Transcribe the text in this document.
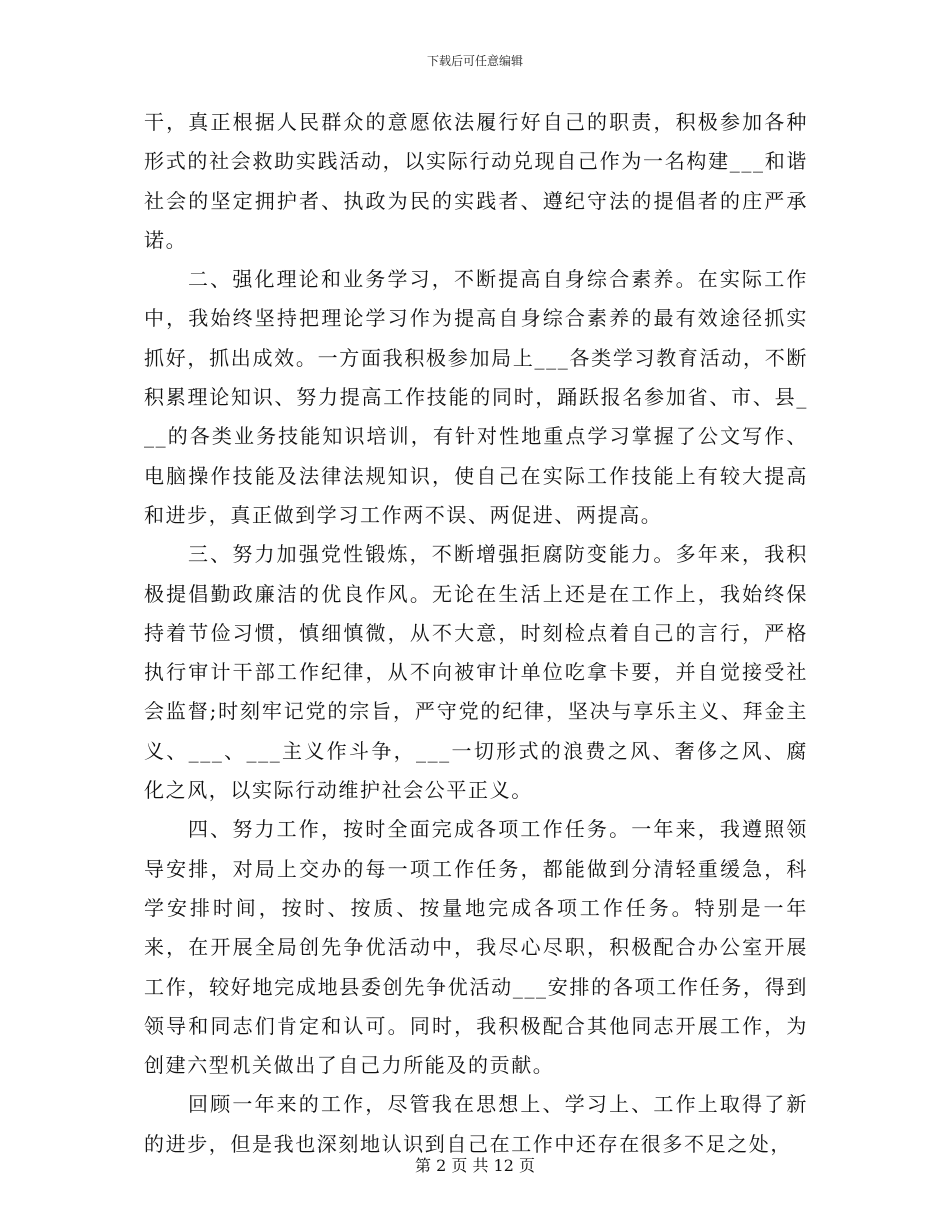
下载后可任意编辑

干，真正根据人民群众的意愿依法履行好自己的职责，积极参加各种形式的社会救助实践活动，以实际行动兑现自己作为一名构建___和谐社会的坚定拥护者、执政为民的实践者、遵纪守法的提倡者的庄严承诺。

二、强化理论和业务学习，不断提高自身综合素养。在实际工作中，我始终坚持把理论学习作为提高自身综合素养的最有效途径抓实抓好，抓出成效。一方面我积极参加局上___各类学习教育活动，不断积累理论知识、努力提高工作技能的同时，踊跃报名参加省、市、县___的各类业务技能知识培训，有针对性地重点学习掌握了公文写作、电脑操作技能及法律法规知识，使自己在实际工作技能上有较大提高和进步，真正做到学习工作两不误、两促进、两提高。

三、努力加强党性锻炼，不断增强拒腐防变能力。多年来，我积极提倡勤政廉洁的优良作风。无论在生活上还是在工作上，我始终保持着节俭习惯，慎细慎微，从不大意，时刻检点着自己的言行，严格执行审计干部工作纪律，从不向被审计单位吃拿卡要，并自觉接受社会监督;时刻牢记党的宗旨，严守党的纪律，坚决与享乐主义、拜金主义、___、___主义作斗争，___一切形式的浪费之风、奢侈之风、腐化之风，以实际行动维护社会公平正义。

四、努力工作，按时全面完成各项工作任务。一年来，我遵照领导安排，对局上交办的每一项工作任务，都能做到分清轻重缓急，科学安排时间，按时、按质、按量地完成各项工作任务。特别是一年来，在开展全局创先争优活动中，我尽心尽职，积极配合办公室开展工作，较好地完成地县委创先争优活动___安排的各项工作任务，得到领导和同志们肯定和认可。同时，我积极配合其他同志开展工作，为创建六型机关做出了自己力所能及的贡献。

回顾一年来的工作，尽管我在思想上、学习上、工作上取得了新的进步，但是我也深刻地认识到自己在工作中还存在很多不足之处，

第 2 页 共 12 页
